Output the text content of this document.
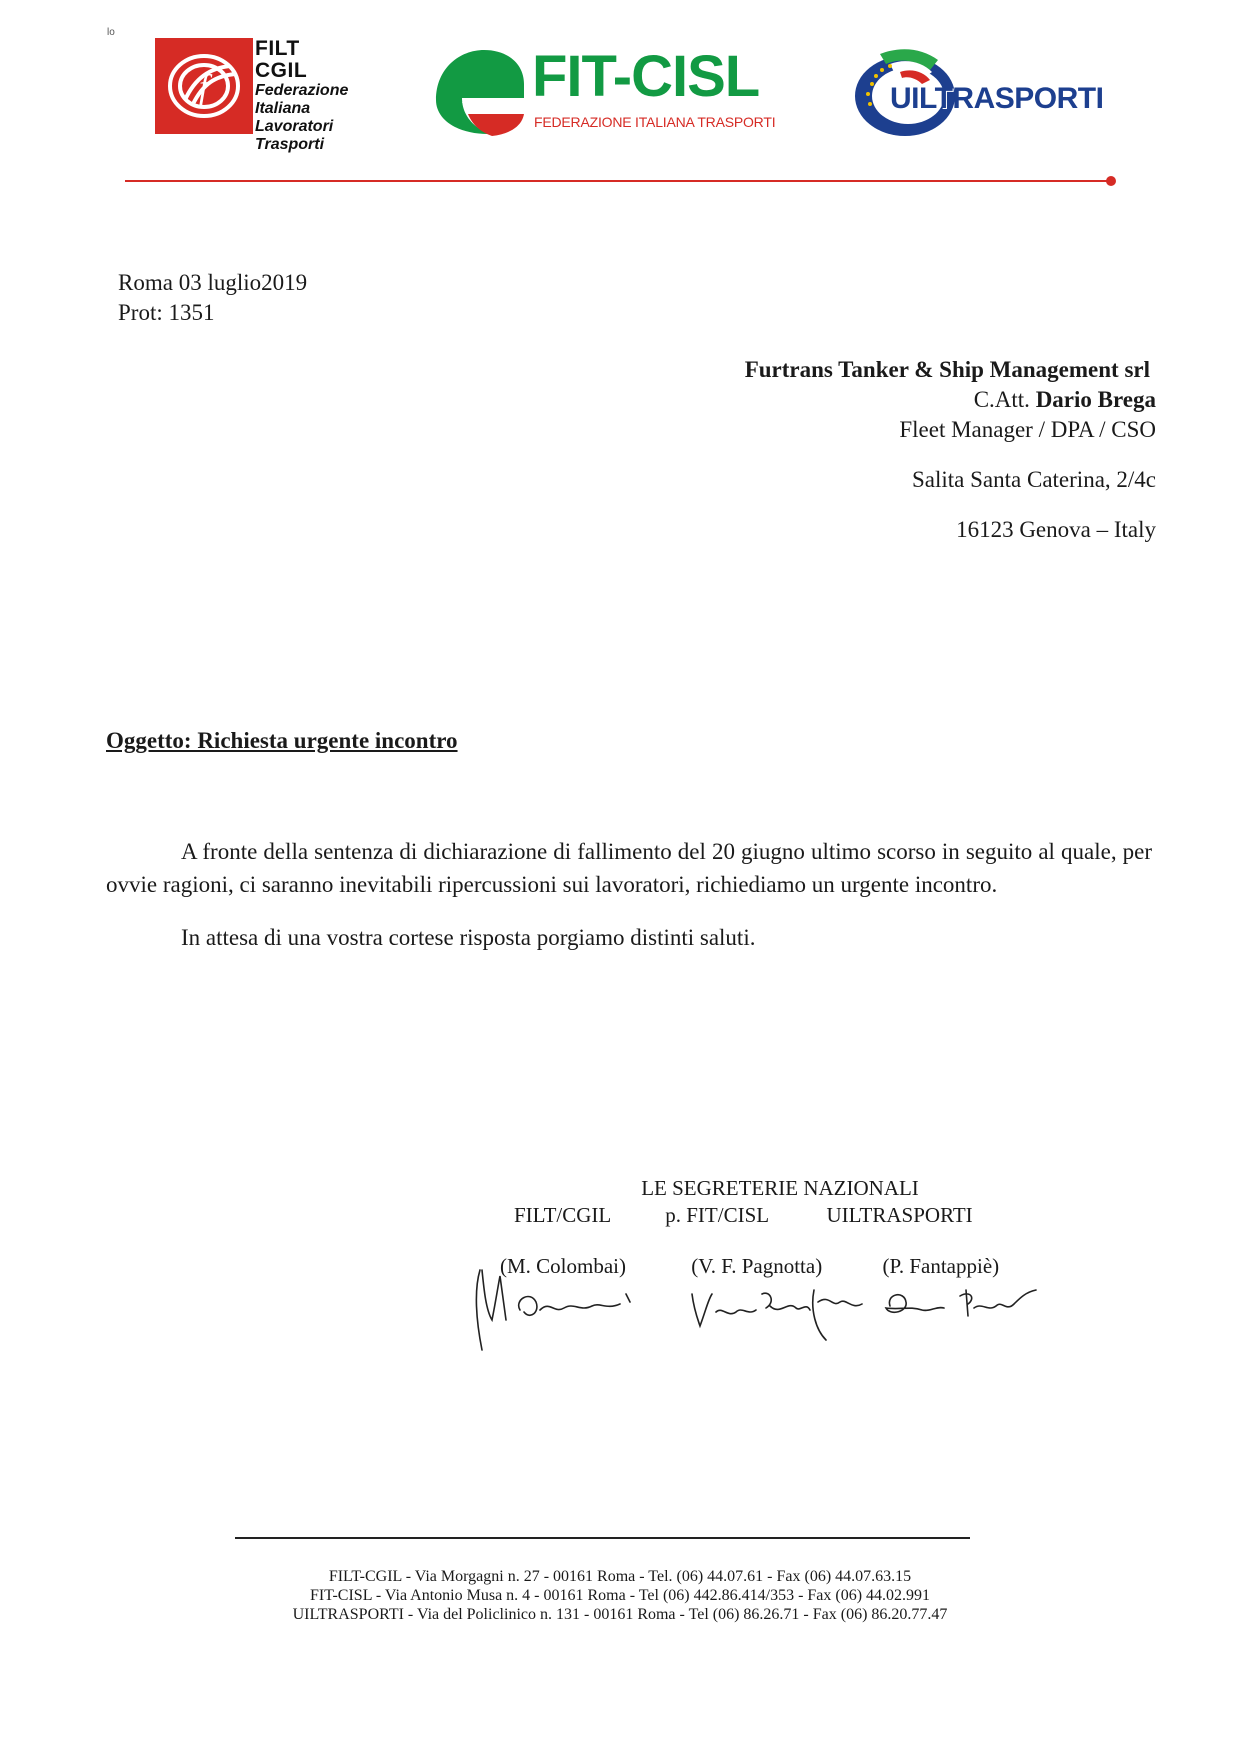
lo
f
FILT CGIL
Federazione
Italiana
Lavoratori
Trasporti
FIT-CISL
FEDERAZIONE ITALIANA TRASPORTI
UILTRASPORTI
Roma 03 luglio2019
Prot: 1351
Furtrans Tanker & Ship Management srl
C.Att. Dario Brega
Fleet Manager / DPA / CSO
Salita Santa Caterina, 2/4c
16123 Genova – Italy
Oggetto: Richiesta urgente incontro

A fronte della sentenza di dichiarazione di fallimento del 20 giugno ultimo scorso in seguito al quale, per ovvie ragioni, ci saranno inevitabili ripercussioni sui lavoratori, richiediamo un urgente incontro.

In attesa di una vostra cortese risposta porgiamo distinti saluti.

LE SEGRETERIE NAZIONALI
FILT/CGIL	p. FIT/CISL	UILTRASPORTI
(M. Colombai)	(V. F. Pagnotta)	(P. Fantappiè)
FILT-CGIL - Via Morgagni n. 27 - 00161 Roma - Tel. (06) 44.07.61 - Fax (06) 44.07.63.15
FIT-CISL - Via Antonio Musa n. 4 - 00161 Roma - Tel (06) 442.86.414/353 - Fax (06) 44.02.991
UILTRASPORTI - Via del Policlinico n. 131 - 00161 Roma - Tel (06) 86.26.71 - Fax (06) 86.20.77.47
